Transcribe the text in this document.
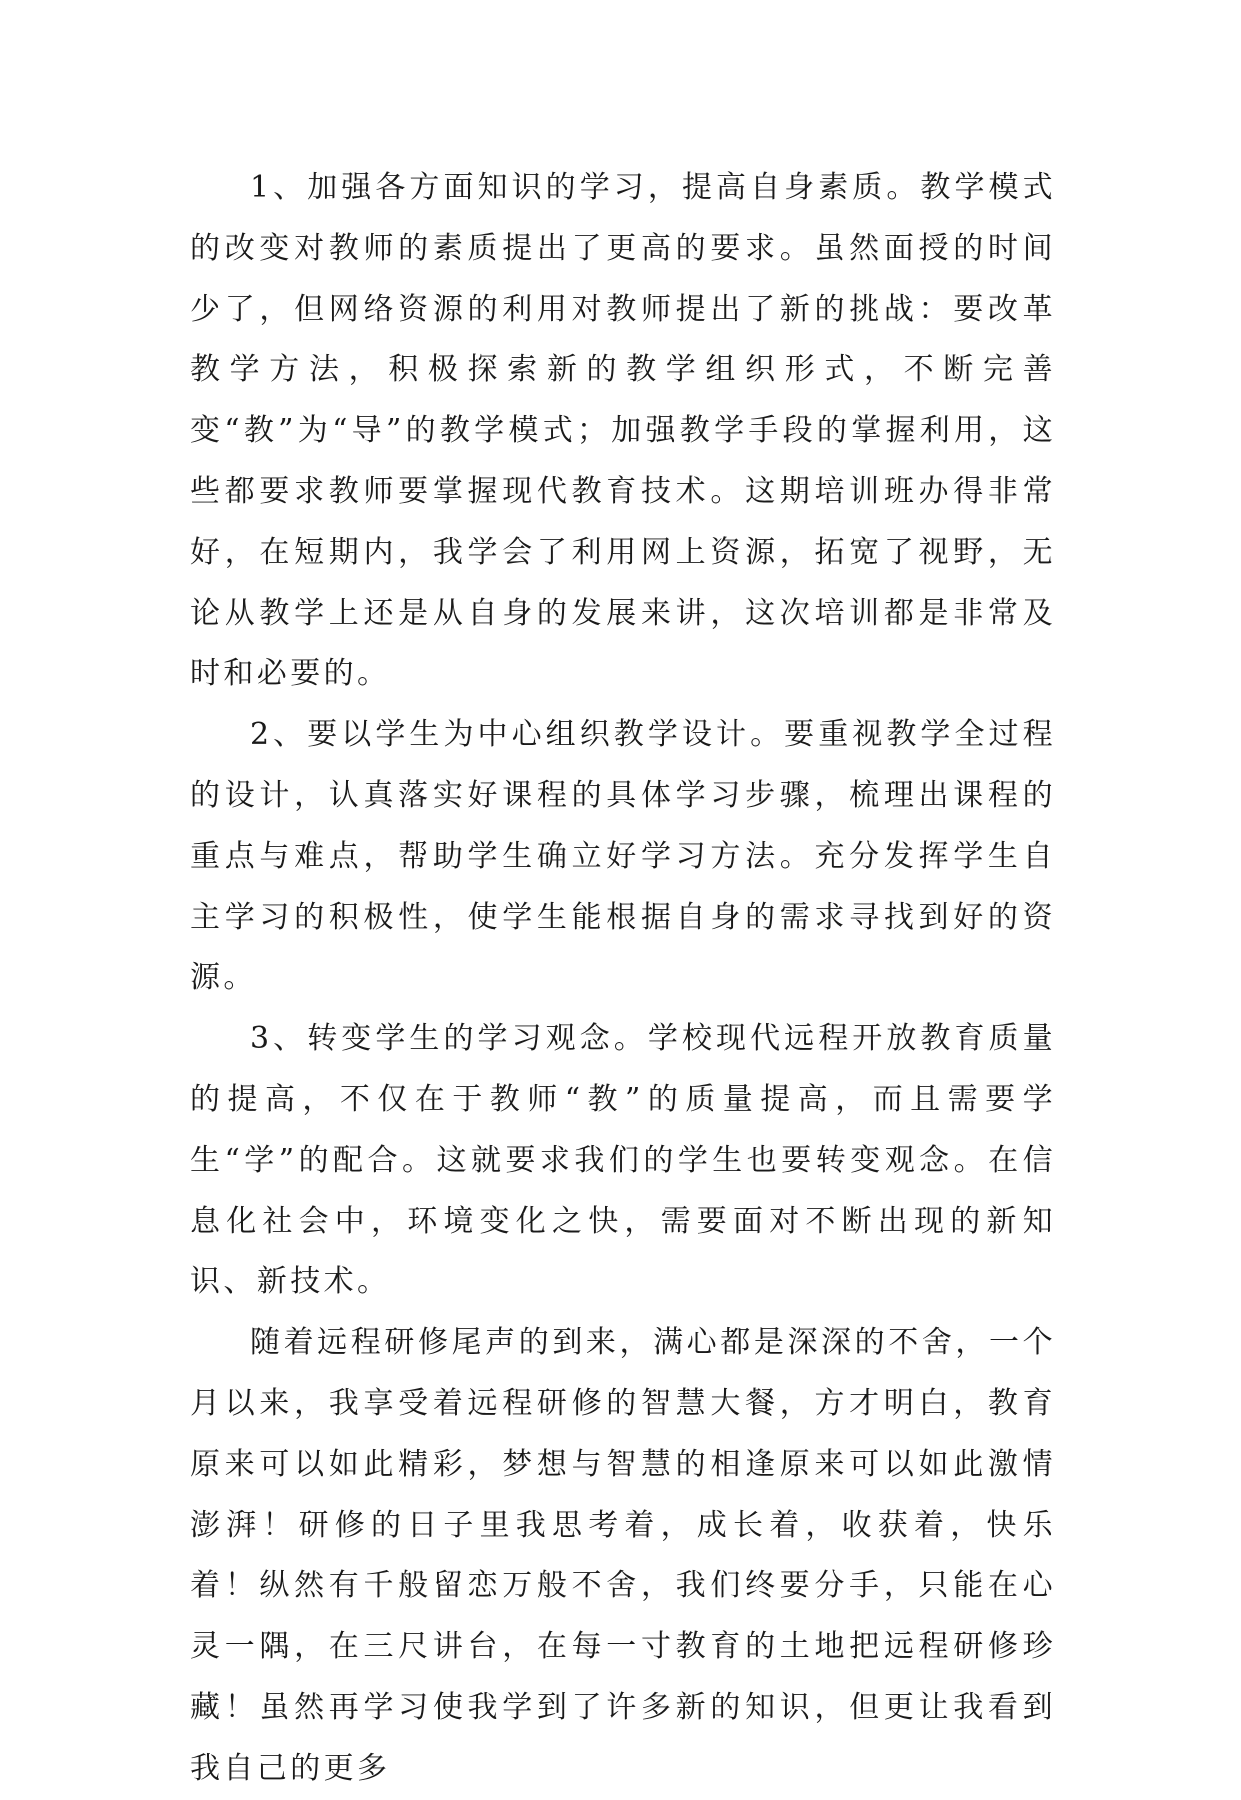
1、加强各方面知识的学习，提高自身素质。教学模式的改变对教师的素质提出了更高的要求。虽然面授的时间少了，但网络资源的利用对教师提出了新的挑战：要改革教学方法，积极探索新的教学组织形式，不断完善变“教”为“导”的教学模式；加强教学手段的掌握利用，这些都要求教师要掌握现代教育技术。这期培训班办得非常好，在短期内，我学会了利用网上资源，拓宽了视野，无论从教学上还是从自身的发展来讲，这次培训都是非常及时和必要的。

2、要以学生为中心组织教学设计。要重视教学全过程的设计，认真落实好课程的具体学习步骤，梳理出课程的重点与难点，帮助学生确立好学习方法。充分发挥学生自主学习的积极性，使学生能根据自身的需求寻找到好的资源。

3、转变学生的学习观念。学校现代远程开放教育质量的提高，不仅在于教师“教”的质量提高，而且需要学生“学”的配合。这就要求我们的学生也要转变观念。在信息化社会中，环境变化之快，需要面对不断出现的新知识、新技术。

随着远程研修尾声的到来，满心都是深深的不舍，一个月以来，我享受着远程研修的智慧大餐，方才明白，教育原来可以如此精彩，梦想与智慧的相逢原来可以如此激情澎湃！研修的日子里我思考着，成长着，收获着，快乐着！纵然有千般留恋万般不舍，我们终要分手，只能在心灵一隅，在三尺讲台，在每一寸教育的土地把远程研修珍藏！虽然再学习使我学到了许多新的知识，但更让我看到我自己的更多
